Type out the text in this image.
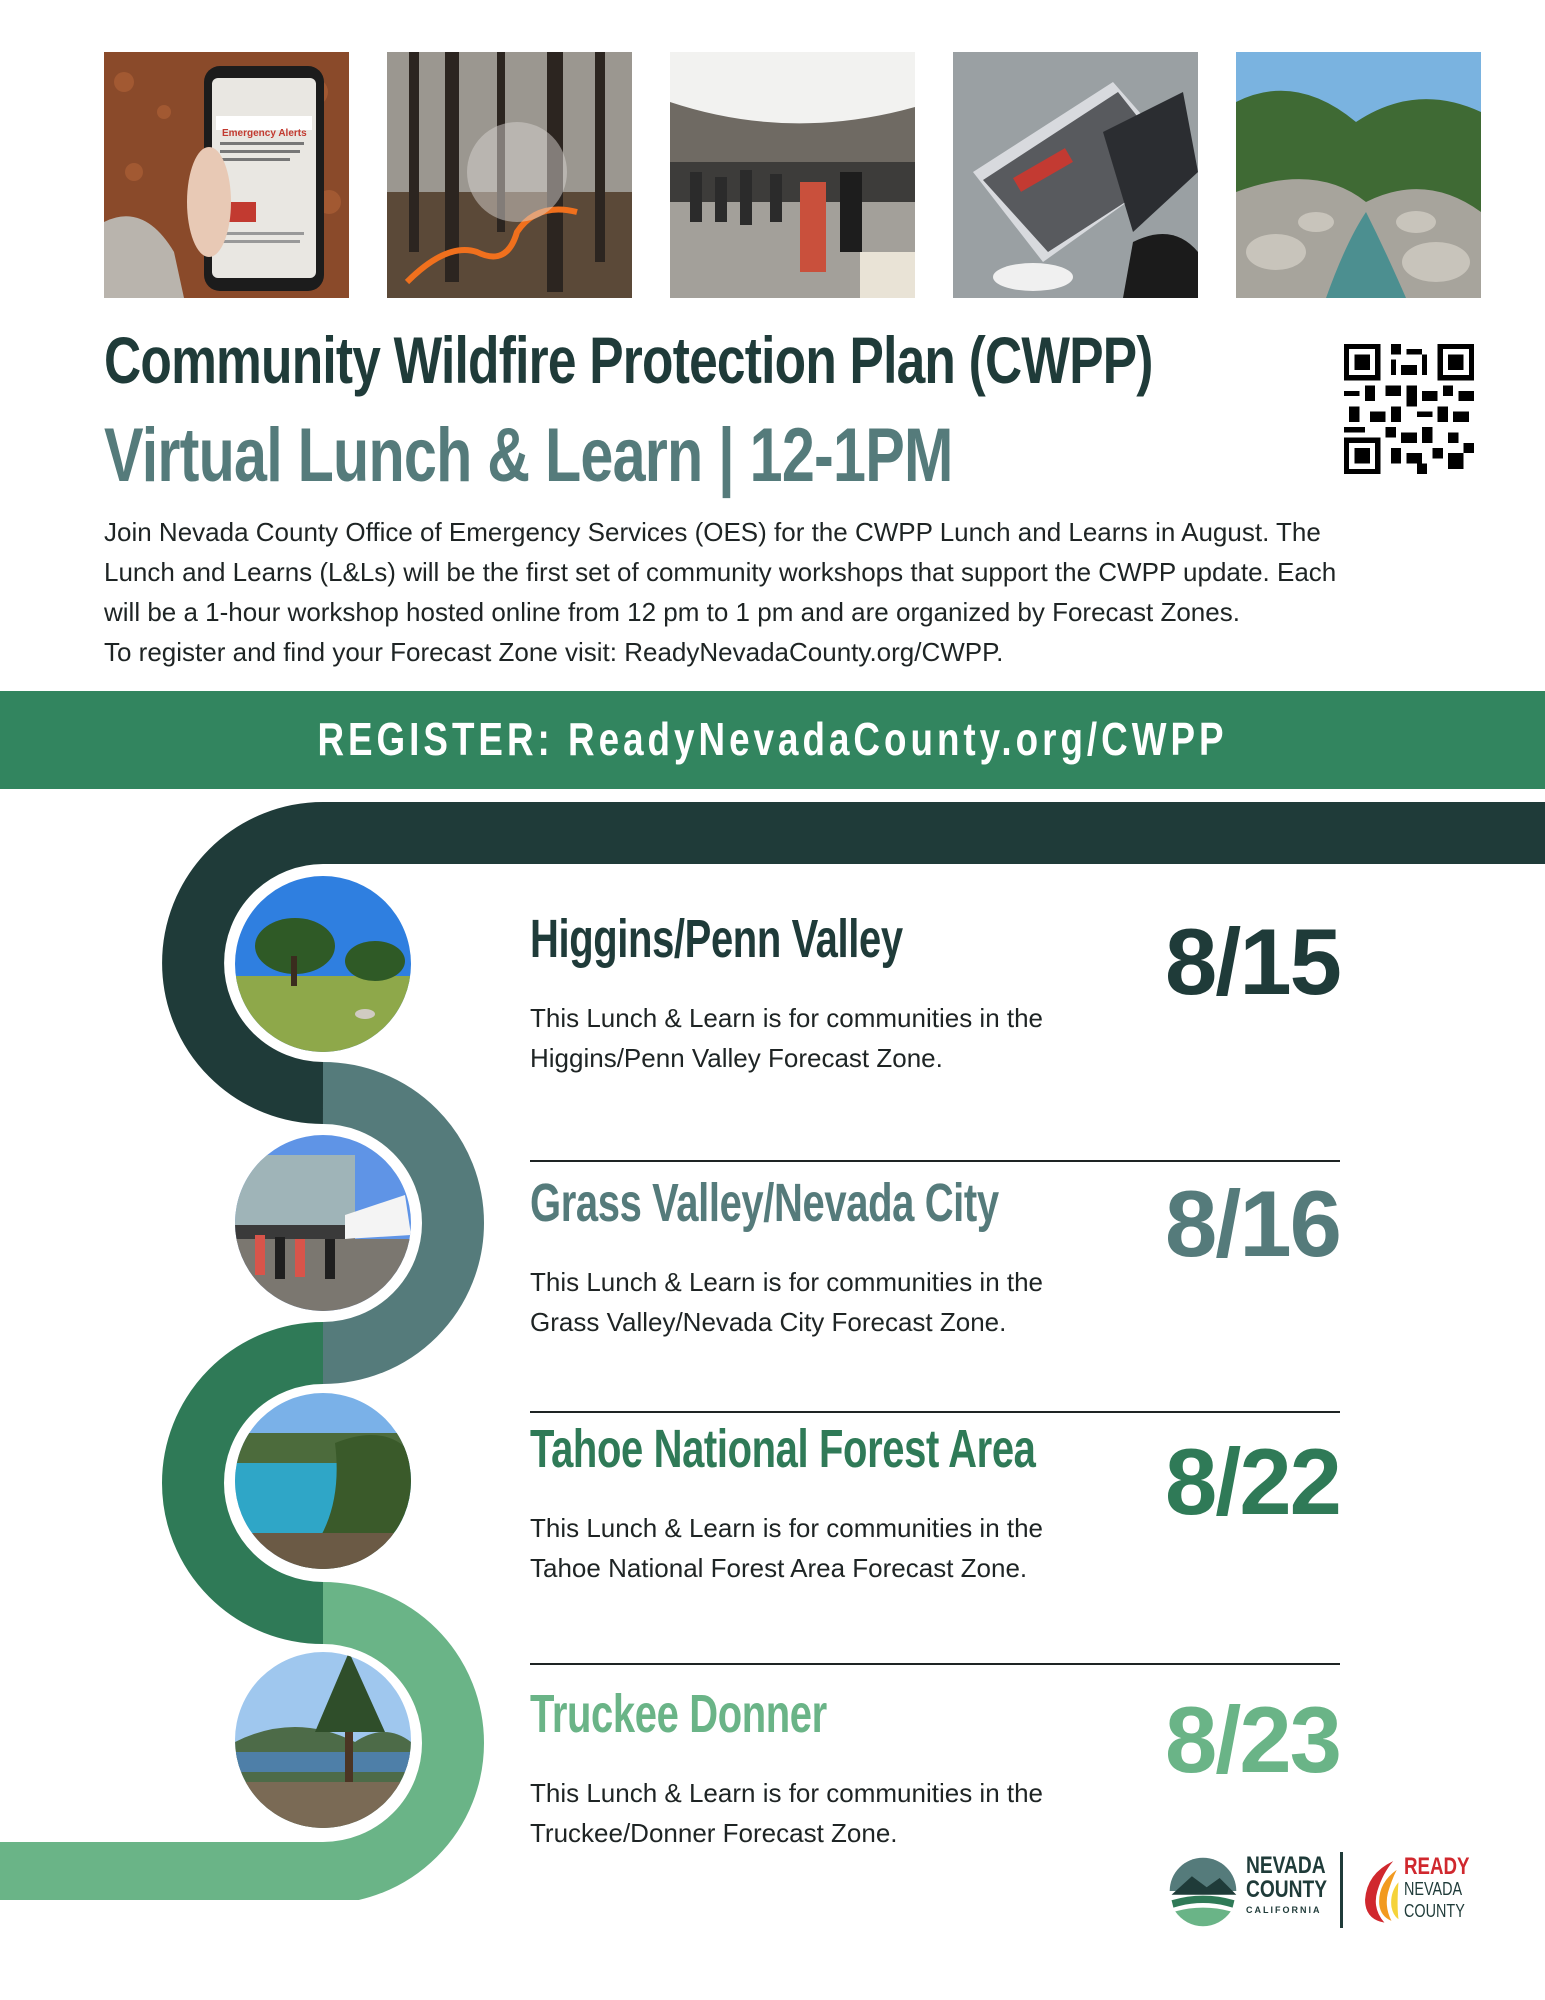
Emergency Alerts
Community Wildfire Protection Plan (CWPP)
Virtual Lunch & Learn | 12-1PM

Join Nevada County Office of Emergency Services (OES) for the CWPP Lunch and Learns in August. The

Lunch and Learns (L&Ls) will be the first set of community workshops that support the CWPP update. Each

will be a 1-hour workshop hosted online from 12 pm to 1 pm and are organized by Forecast Zones.

To register and find your Forecast Zone visit: ReadyNevadaCounty.org/CWPP.

REGISTER: ReadyNevadaCounty.org/CWPP
Higgins/Penn Valley
This Lunch & Learn is for communities in the
Higgins/Penn Valley Forecast Zone.
8/15
Grass Valley/Nevada City
This Lunch & Learn is for communities in the
Grass Valley/Nevada City Forecast Zone.
8/16
Tahoe National Forest Area
This Lunch & Learn is for communities in the
Tahoe National Forest Area Forecast Zone.
8/22
Truckee Donner
This Lunch & Learn is for communities in the
Truckee/Donner Forecast Zone.
8/23
NEVADA
COUNTY
CALIFORNIA
READY
NEVADA
COUNTY
